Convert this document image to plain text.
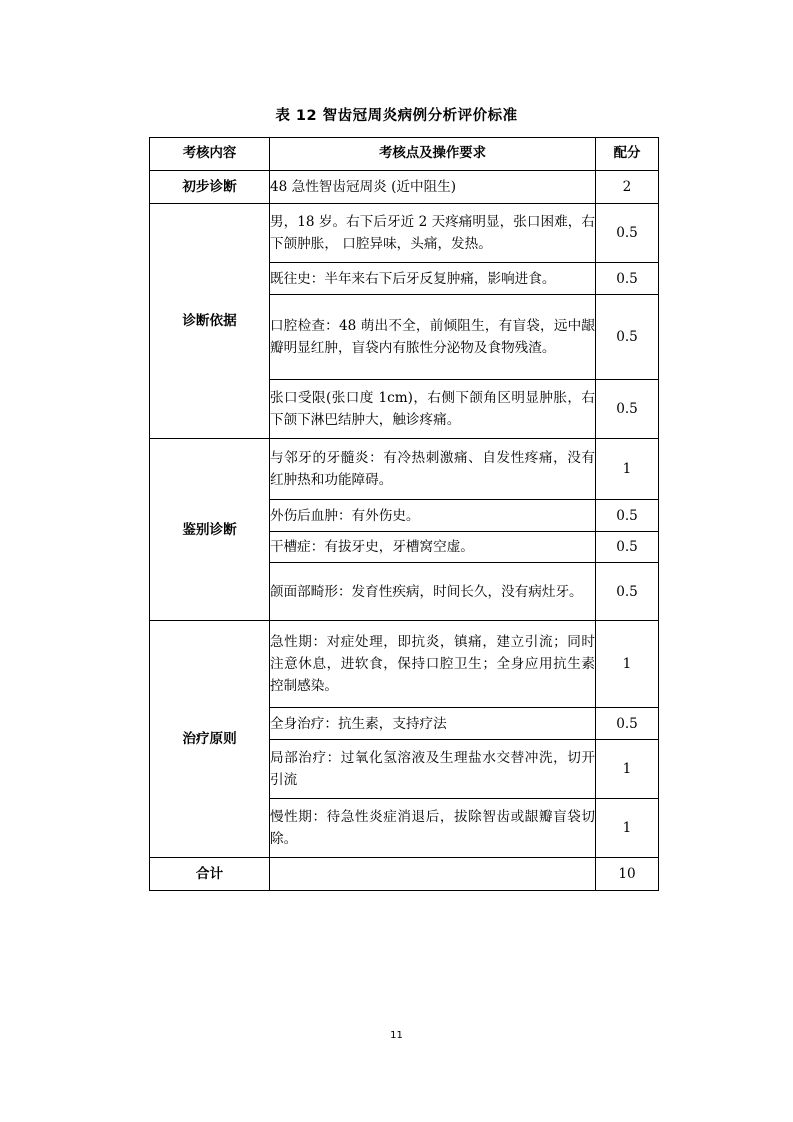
表 12 智齿冠周炎病例分析评价标准
考核内容	考核点及操作要求	配分
初步诊断	48 急性智齿冠周炎 (近中阻生)	2
诊断依据	男，18 岁。右下后牙近 2 天疼痛明显，张口困难，右下颌肿胀， 口腔异味，头痛，发热。	0.5
	既往史：半年来右下后牙反复肿痛，影响进食。	0.5
	口腔检查：48 萌出不全，前倾阻生，有盲袋，远中龈瓣明显红肿，盲袋内有脓性分泌物及食物残渣。	0.5
	张口受限(张口度 1cm)，右侧下颌角区明显肿胀，右下颌下淋巴结肿大，触诊疼痛。	0.5
鉴别诊断	与邻牙的牙髓炎：有冷热刺激痛、自发性疼痛，没有红肿热和功能障碍。	1
	外伤后血肿：有外伤史。	0.5
	干槽症：有拔牙史，牙槽窝空虚。	0.5
	颌面部畸形：发育性疾病，时间长久，没有病灶牙。	0.5
治疗原则	急性期：对症处理，即抗炎，镇痛，建立引流；同时注意休息，进软食，保持口腔卫生；全身应用抗生素控制感染。	1
	全身治疗：抗生素，支持疗法	0.5
	局部治疗：过氧化氢溶液及生理盐水交替冲洗，切开引流	1
	慢性期：待急性炎症消退后，拔除智齿或龈瓣盲袋切除。	1
合计		10
11
